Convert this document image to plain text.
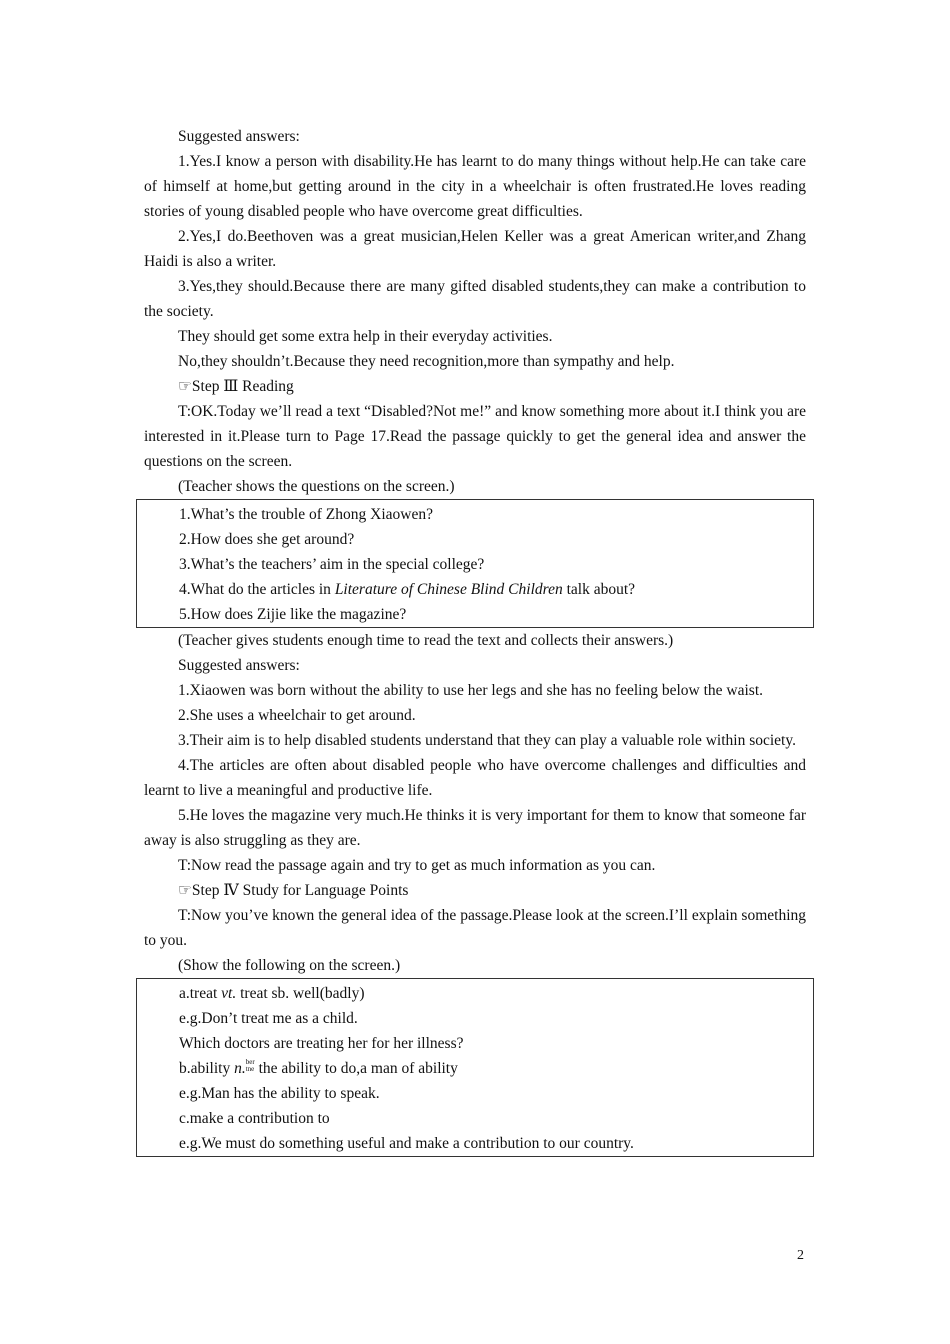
Suggested answers:

1.Yes.I know a person with disability.He has learnt to do many things without help.He can take care of himself at home,but getting around in the city in a wheelchair is often frustrated.He loves reading stories of young disabled people who have overcome great difficulties.

2.Yes,I do.Beethoven was a great musician,Helen Keller was a great American writer,and Zhang Haidi is also a writer.

3.Yes,they should.Because there are many gifted disabled students,they can make a contribution to the society.

They should get some extra help in their everyday activities.

No,they shouldn’t.Because they need recognition,more than sympathy and help.

☞Step Ⅲ Reading

T:OK.Today we’ll read a text “Disabled?Not me!” and know something more about it.I think you are interested in it.Please turn to Page 17.Read the passage quickly to get the general idea and answer the questions on the screen.

(Teacher shows the questions on the screen.)

1.What’s the trouble of Zhong Xiaowen?

2.How does she get around?

3.What’s the teachers’ aim in the special college?

4.What do the articles in Literature of Chinese Blind Children talk about?

5.How does Zijie like the magazine?

(Teacher gives students enough time to read the text and collects their answers.)

Suggested answers:

1.Xiaowen was born without the ability to use her legs and she has no feeling below the waist.

2.She uses a wheelchair to get around.

3.Their aim is to help disabled students understand that they can play a valuable role within society.

4.The articles are often about disabled people who have overcome challenges and difficulties and learnt to live a meaningful and productive life.

5.He loves the magazine very much.He thinks it is very important for them to know that someone far away is also struggling as they are.

T:Now read the passage again and try to get as much information as you can.

☞Step Ⅳ Study for Language Points

T:Now you’ve known the general idea of the passage.Please look at the screen.I’ll explain something to you.

(Show the following on the screen.)

a.treat vt. treat sb. well(badly)

e.g.Don’t treat me as a child.

Which doctors are treating her for her illness?

b.ability n. ber
tne the ability to do,a man of ability

e.g.Man has the ability to speak.

c.make a contribution to

e.g.We must do something useful and make a contribution to our country.

2
